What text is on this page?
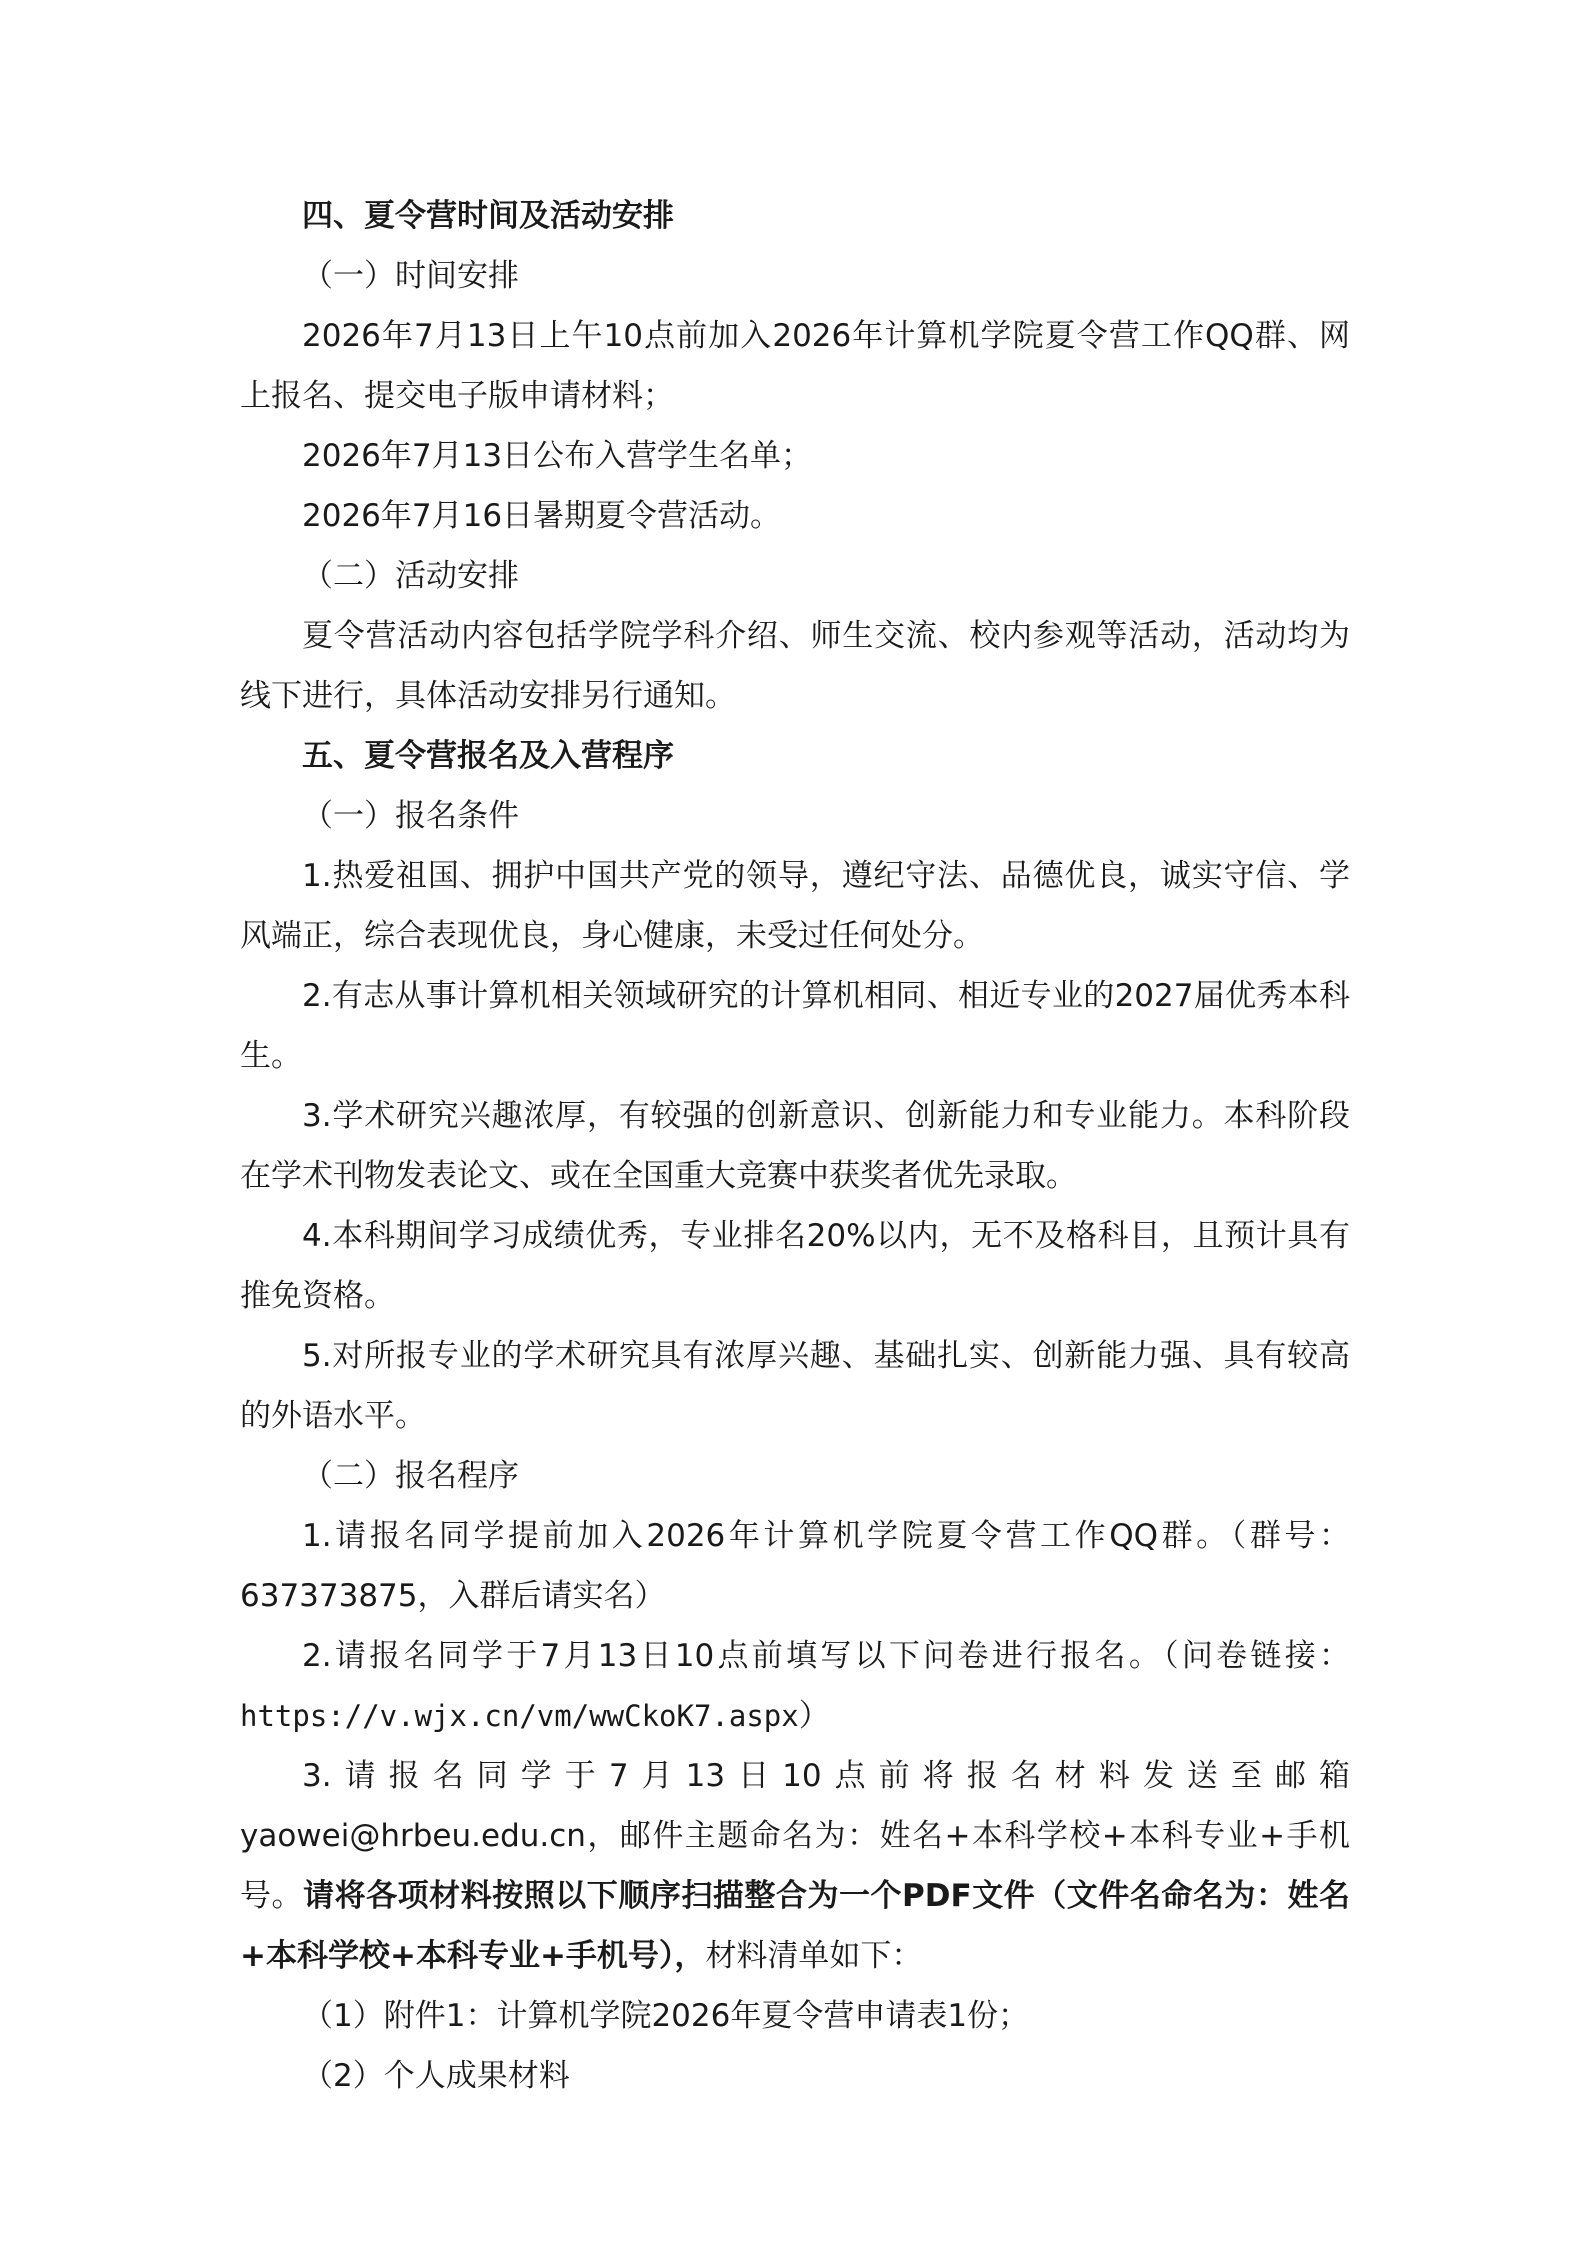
四、夏令营时间及活动安排

（一）时间安排

2026年7月13日上午10点前加入2026年计算机学院夏令营工作QQ群、网上报名、提交电子版申请材料；

2026年7月13日公布入营学生名单；

2026年7月16日暑期夏令营活动。

（二）活动安排

夏令营活动内容包括学院学科介绍、师生交流、校内参观等活动，活动均为线下进行，具体活动安排另行通知。

五、夏令营报名及入营程序

（一）报名条件

1.热爱祖国、拥护中国共产党的领导，遵纪守法、品德优良，诚实守信、学风端正，综合表现优良，身心健康，未受过任何处分。

2.有志从事计算机相关领域研究的计算机相同、相近专业的2027届优秀本科生。

3.学术研究兴趣浓厚，有较强的创新意识、创新能力和专业能力。本科阶段在学术刊物发表论文、或在全国重大竞赛中获奖者优先录取。

4.本科期间学习成绩优秀，专业排名20%以内，无不及格科目，且预计具有推免资格。

5.对所报专业的学术研究具有浓厚兴趣、基础扎实、创新能力强、具有较高的外语水平。

（二）报名程序

1.请报名同学提前加入2026年计算机学院夏令营工作QQ群。（群号：637373875，入群后请实名）

2.请报名同学于7月13日10点前填写以下问卷进行报名。（问卷链接：https://v.wjx.cn/vm/wwCkoK7.aspx）

3.请报名同学于7月13日10点前将报名材料发送至邮箱yaowei@hrbeu.edu.cn，邮件主题命名为：姓名+本科学校+本科专业+手机号。请将各项材料按照以下顺序扫描整合为一个PDF文件（文件名命名为：姓名+本科学校+本科专业+手机号），材料清单如下：

（1）附件1：计算机学院2026年夏令营申请表1份；

（2）个人成果材料
